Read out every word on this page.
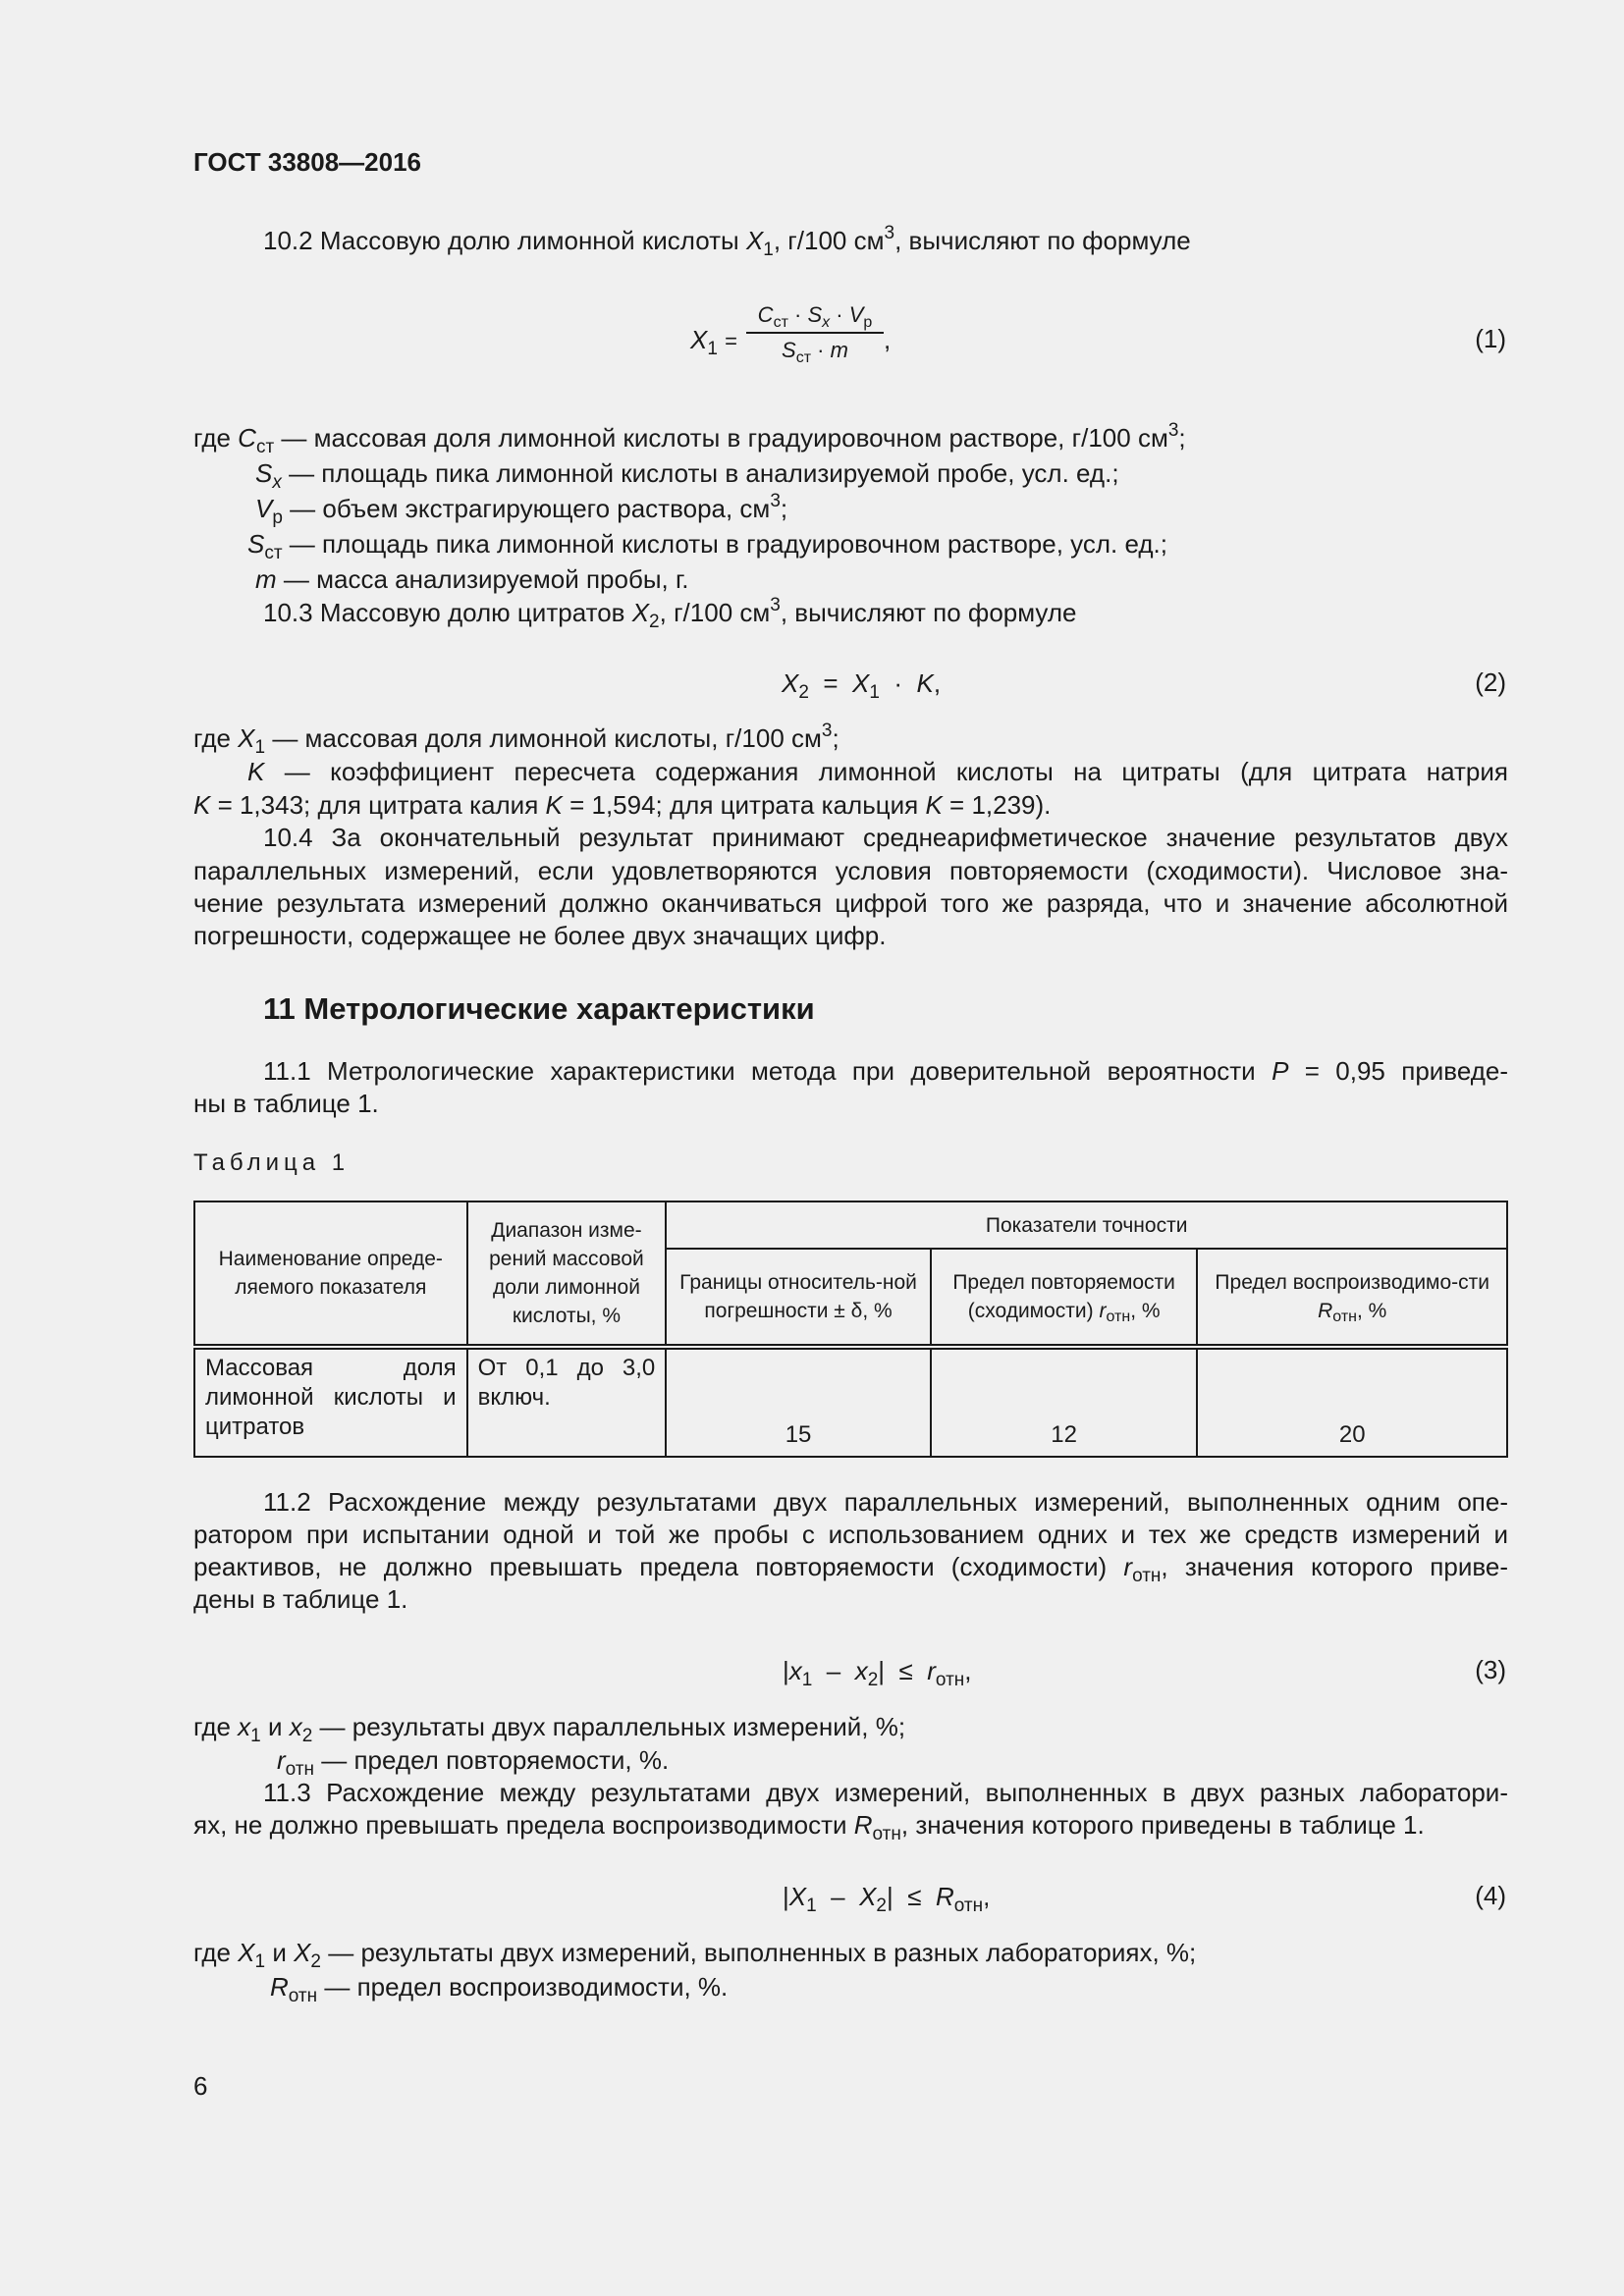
ГОСТ 33808—2016
10.2 Массовую долю лимонной кислоты $X_1$, г/100 $см^3$, вычисляют по формуле
$X_1$ =
$C_{ст} \cdot S_x \cdot V_р$
$S_{ст} \cdot m$	,	(1)
где $C_{ст}$ — массовая доля лимонной кислоты в градуировочном растворе, г/100 $см^3$;
$S_x$ — площадь пика лимонной кислоты в анализируемой пробе, усл. ед.;
$V_р$ — объем экстрагирующего раствора, $см^3$;
$S_{ст}$ — площадь пика лимонной кислоты в градуировочном растворе, усл. ед.;
m — масса анализируемой пробы, г.
10.3 Массовую долю цитратов $X_2$, г/100 $см^3$, вычисляют по формуле
$X_2 = X_1 \cdot K$,	(2)
где $X_1$ — массовая доля лимонной кислоты, г/100 $см^3$;
K — коэффициент пересчета содержания лимонной кислоты на цитраты (для цитрата натрия
K = 1,343; для цитрата калия K = 1,594; для цитрата кальция K = 1,239).
10.4 За окончательный результат принимают среднеарифметическое значение результатов двух
параллельных измерений, если удовлетворяются условия повторяемости (сходимости). Числовое зна-
чение результата измерений должно оканчиваться цифрой того же разряда, что и значение абсолютной
погрешности, содержащее не более двух значащих цифр.
11 Метрологические характеристики
11.1 Метрологические характеристики метода при доверительной вероятности P = 0,95 приведе-
ны в таблице 1.
Таблица 1
Наименование опреде-ляемого показателя	Диапазон изме-рений массовой доли лимонной кислоты, %	Показатели точности		
		Границы относитель-ной погрешности ± δ, %	Предел повторяемости (сходимости) $r_{отн}$, %	Предел воспроизводимо-сти $R_{отн}$, %
Массовая доля лимонной кислоты и цитратов	От 0,1 до 3,0 включ.	15	12	20
11.2 Расхождение между результатами двух параллельных измерений, выполненных одним опе-
ратором при испытании одной и той же пробы с использованием одних и тех же средств измерений и
реактивов, не должно превышать предела повторяемости (сходимости) $r_{отн}$, значения которого приве-
дены в таблице 1.
$|x_1 - x_2| \le r_{отн}$,	(3)
где $x_1$ и $x_2$ — результаты двух параллельных измерений, %;
$r_{отн}$ — предел повторяемости, %.
11.3 Расхождение между результатами двух измерений, выполненных в двух разных лаборатори-
ях, не должно превышать предела воспроизводимости $R_{отн}$, значения которого приведены в таблице 1.
$|X_1 - X_2| \le R_{отн}$,	(4)
где $X_1$ и $X_2$ — результаты двух измерений, выполненных в разных лабораториях, %;
$R_{отн}$ — предел воспроизводимости, %.
6
